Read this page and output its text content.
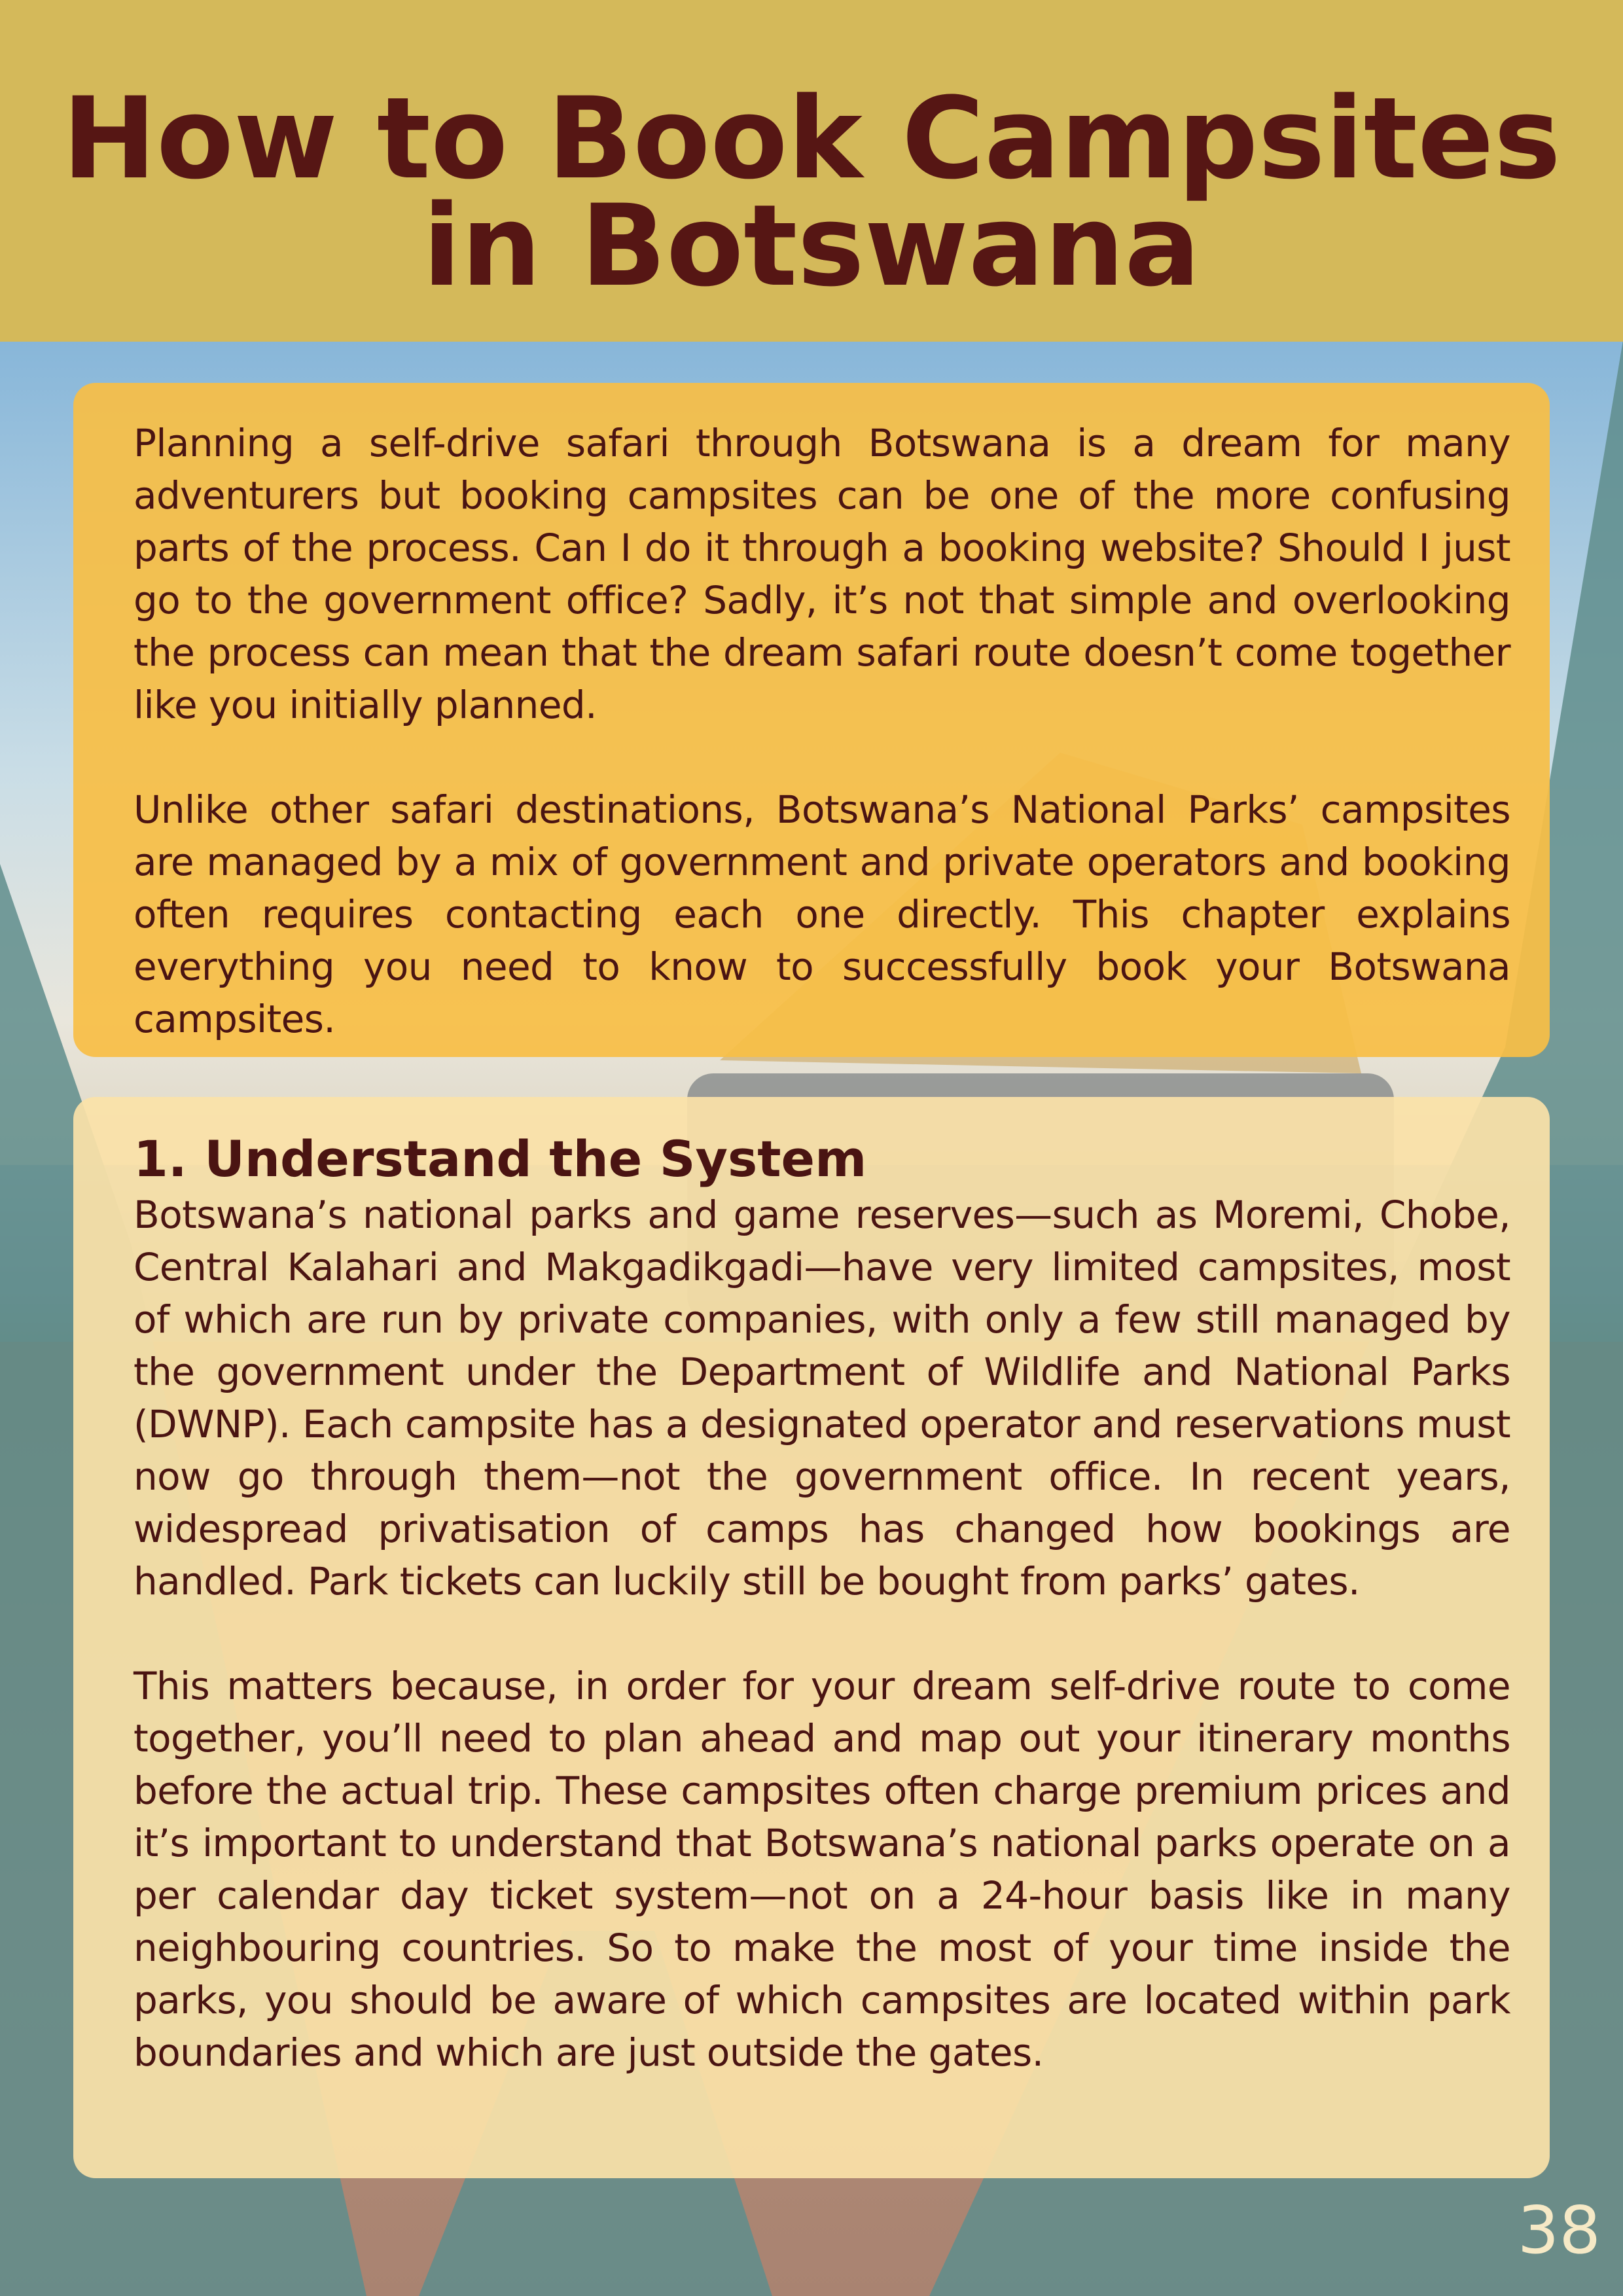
How to Book Campsites
in Botswana

Planning a self-drive safari through Botswana is a dream for many adventurers but booking campsites can be one of the more confusing parts of the process. Can I do it through a booking website? Should I just go to the government office? Sadly, it’s not that simple and overlooking the process can mean that the dream safari route doesn’t come together like you initially planned.

Unlike other safari destinations, Botswana’s National Parks’ campsites are managed by a mix of government and private operators and booking often requires contacting each one directly. This chapter explains everything you need to know to successfully book your Botswana campsites.

1. Understand the System

Botswana’s national parks and game reserves—such as Moremi, Chobe, Central Kalahari and Makgadikgadi—have very limited campsites, most of which are run by private companies, with only a few still managed by the government under the Department of Wildlife and National Parks (DWNP). Each campsite has a designated operator and reservations must now go through them—not the government office. In recent years, widespread privatisation of camps has changed how bookings are handled. Park tickets can luckily still be bought from parks’ gates.

This matters because, in order for your dream self-drive route to come together, you’ll need to plan ahead and map out your itinerary months before the actual trip. These campsites often charge premium prices and it’s important to understand that Botswana’s national parks operate on a per calendar day ticket system—not on a 24-hour basis like in many neighbouring countries. So to make the most of your time inside the parks, you should be aware of which campsites are located within park boundaries and which are just outside the gates.

38
